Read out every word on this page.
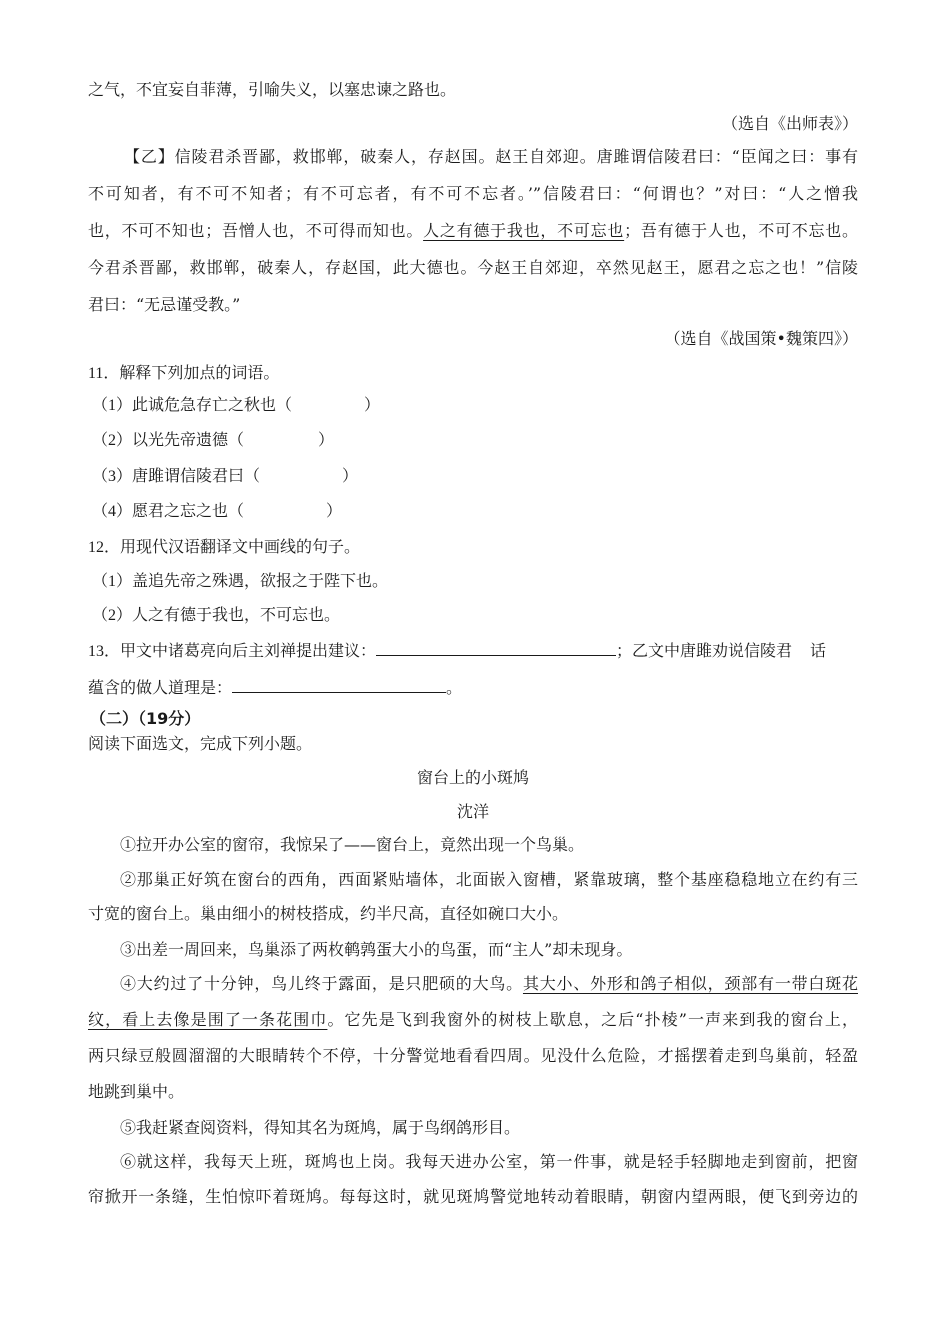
之气，不宜妄自菲薄，引喻失义，以塞忠谏之路也。
（选自《出师表》）
【乙】信陵君杀晋鄙，救邯郸，破秦人，存赵国。赵王自郊迎。唐雎谓信陵君曰：“臣闻之曰：事有
不可知者，有不可不知者；有不可忘者，有不可不忘者。’”信陵君曰：“何谓也？”对曰：“人之憎我
也，不可不知也；吾憎人也，不可得而知也。人之有德于我也，不可忘也；吾有德于人也，不可不忘也。
今君杀晋鄙，救邯郸，破秦人，存赵国，此大德也。今赵王自郊迎，卒然见赵王，愿君之忘之也！”信陵
君曰：“无忌谨受教。”
（选自《战国策•魏策四》）
11．解释下列加点的词语。
（1）此诚危急存亡之秋也（	）
（2）以光先帝遗德（	）
（3）唐雎谓信陵君曰（	）
（4）愿君之忘之也（	）
12．用现代汉语翻译文中画线的句子。
（1）盖追先帝之殊遇，欲报之于陛下也。
（2）人之有德于我也，不可忘也。
13．甲文中诸葛亮向后主刘禅提出建议：	；乙文中唐雎劝说信陵君 话
蕴含的做人道理是：	。
（二）（19分）
阅读下面选文，完成下列小题。
窗台上的小斑鸠
沈洋
①拉开办公室的窗帘，我惊呆了——窗台上，竟然出现一个鸟巢。
②那巢正好筑在窗台的西角，西面紧贴墙体，北面嵌入窗槽，紧靠玻璃，整个基座稳稳地立在约有三
寸宽的窗台上。巢由细小的树枝搭成，约半尺高，直径如碗口大小。
③出差一周回来，鸟巢添了两枚鹌鹑蛋大小的鸟蛋，而“主人”却未现身。
④大约过了十分钟，鸟儿终于露面，是只肥硕的大鸟。其大小、外形和鸽子相似，颈部有一带白斑花
纹，看上去像是围了一条花围巾。它先是飞到我窗外的树枝上歇息，之后“扑棱”一声来到我的窗台上，
两只绿豆般圆溜溜的大眼睛转个不停，十分警觉地看看四周。见没什么危险，才摇摆着走到鸟巢前，轻盈
地跳到巢中。
⑤我赶紧查阅资料，得知其名为斑鸠，属于鸟纲鸽形目。
⑥就这样，我每天上班，斑鸠也上岗。我每天进办公室，第一件事，就是轻手轻脚地走到窗前，把窗
帘掀开一条缝，生怕惊吓着斑鸠。每每这时，就见斑鸠警觉地转动着眼睛，朝窗内望两眼，便飞到旁边的
